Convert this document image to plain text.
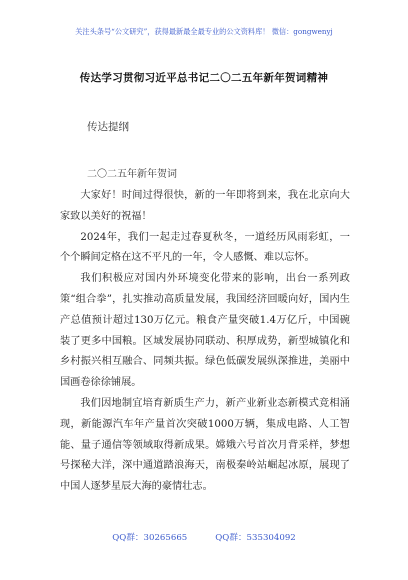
关注头条号“公文研究”，获得最新最全最专业的公文资料库！ 微信：gongwenyj
传达学习贯彻习近平总书记二〇二五年新年贺词精神
传达提纲
二〇二五年新年贺词

大家好！时间过得很快，新的一年即将到来，我在北京向大家致以美好的祝福！

2024年，我们一起走过春夏秋冬，一道经历风雨彩虹，一个个瞬间定格在这不平凡的一年，令人感慨、难以忘怀。

我们积极应对国内外环境变化带来的影响，出台一系列政策“组合拳”，扎实推动高质量发展，我国经济回暖向好，国内生产总值预计超过130万亿元。粮食产量突破1.4万亿斤，中国碗装了更多中国粮。区域发展协同联动、积厚成势，新型城镇化和乡村振兴相互融合、同频共振。绿色低碳发展纵深推进，美丽中国画卷徐徐铺展。

我们因地制宜培育新质生产力，新产业新业态新模式竞相涌现，新能源汽车年产量首次突破1000万辆，集成电路、人工智能、量子通信等领域取得新成果。嫦娥六号首次月背采样，梦想号探秘大洋，深中通道踏浪海天，南极秦岭站崛起冰原，展现了中国人逐梦星辰大海的豪情壮志。

QQ群：30265665	QQ群：535304092
